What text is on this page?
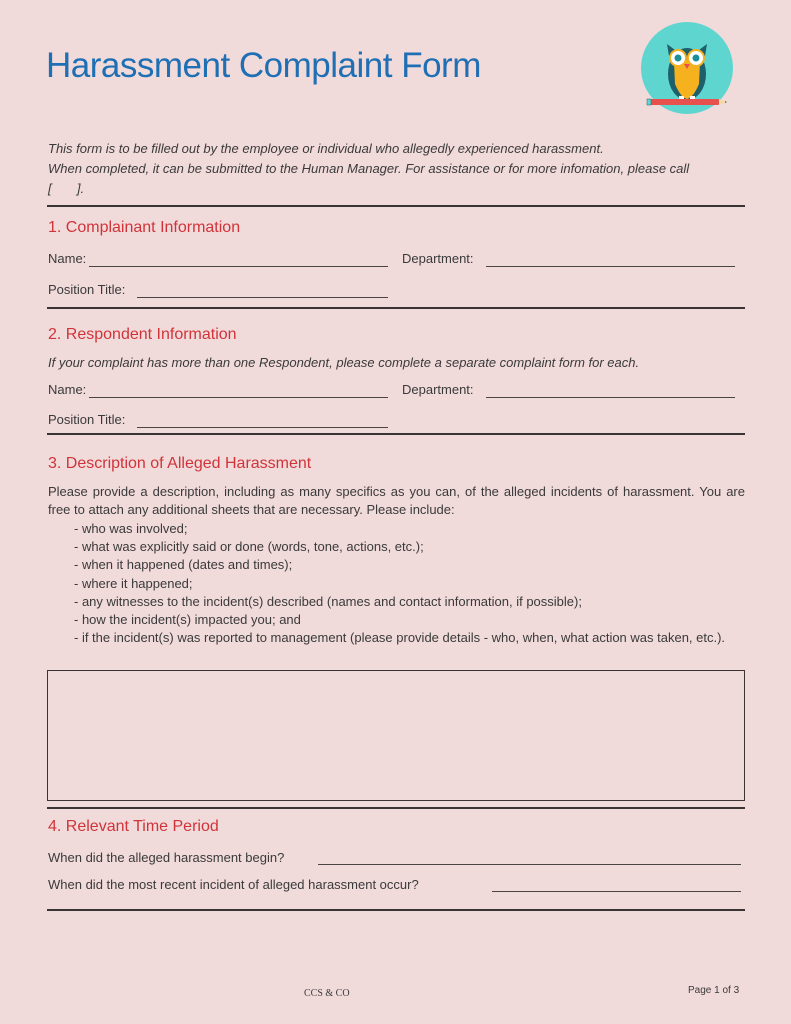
Harassment Complaint Form
This form is to be filled out by the employee or individual who allegedly experienced harassment.
When completed, it can be submitted to the Human Manager. For assistance or for more infomation, please call
[       ].
1. Complainant Information
Name:	Department:
Position Title:
2. Respondent Information
If your complaint has more than one Respondent, please complete a separate complaint form for each.
Name:	Department:
Position Title:
3. Description of Alleged Harassment
Please provide a description, including as many specifics as you can, of the alleged incidents of harassment. You are free to attach any additional sheets that are necessary. Please include:
- who was involved;
- what was explicitly said or done (words, tone, actions, etc.);
- when it happened (dates and times);
- where it happened;
- any witnesses to the incident(s) described (names and contact information, if possible);
- how the incident(s) impacted you; and
- if the incident(s) was reported to management (please provide details - who, when, what action was taken, etc.).
4. Relevant Time Period
When did the alleged harassment begin?
When did the most recent incident of alleged harassment occur?
CCS & CO	Page 1 of 3
